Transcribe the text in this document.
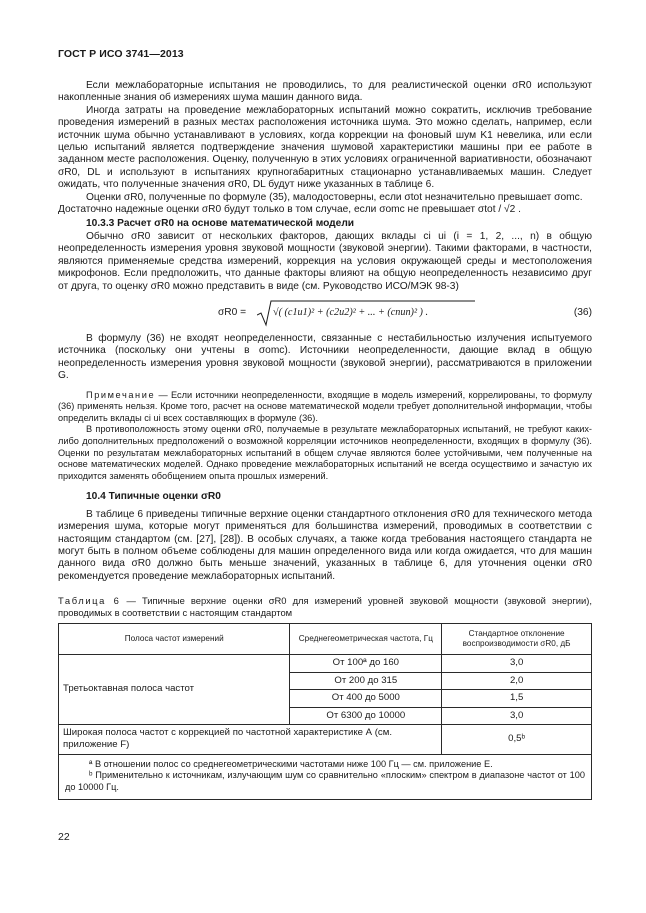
ГОСТ Р ИСО 3741—2013

Если межлабораторные испытания не проводились, то для реалистической оценки σR0 используют накопленные знания об измерениях шума машин данного вида.

Иногда затраты на проведение межлабораторных испытаний можно сократить, исключив требование проведения измерений в разных местах расположения источника шума. Это можно сделать, например, если источник шума обычно устанавливают в условиях, когда коррекции на фоновый шум K1 невелика, или если целью испытаний является подтверждение значения шумовой характеристики машины при ее работе в заданном месте расположения. Оценку, полученную в этих условиях ограниченной вариативности, обозначают σR0, DL и используют в испытаниях крупногабаритных стационарно устанавливаемых машин. Следует ожидать, что полученные значения σR0, DL будут ниже указанных в таблице 6.

Оценки σR0, полученные по формуле (35), малодостоверны, если σtot незначительно превышает σomc.

Достаточно надежные оценки σR0 будут только в том случае, если σomc не превышает σtot / √2 .

10.3.3 Расчет σR0 на основе математической модели

Обычно σR0 зависит от нескольких факторов, дающих вклады ci ui (i = 1, 2, ..., n) в общую неопределенность измерения уровня звуковой мощности (звуковой энергии). Такими факторами, в частности, являются применяемые средства измерений, коррекция на условия окружающей среды и местоположения микрофонов. Если предположить, что данные факторы влияют на общую неопределенность независимо друг от друга, то оценку σR0 можно представить в виде (см. Руководство ИСО/МЭК 98-3)

σR0 =	√( (c1u1)² + (c2u2)² + ... + (cnun)² ) .	(36)

В формулу (36) не входят неопределенности, связанные с нестабильностью излучения испытуемого источника (поскольку они учтены в σomc). Источники неопределенности, дающие вклад в общую неопределенность измерения уровня звуковой мощности (звуковой энергии), рассматриваются в приложении G.

Примечание — Если источники неопределенности, входящие в модель измерений, коррелированы, то формулу (36) применять нельзя. Кроме того, расчет на основе математической модели требует дополнительной информации, чтобы определить вклады ci ui всех составляющих в формуле (36).

В противоположность этому оценки σR0, получаемые в результате межлабораторных испытаний, не требуют каких-либо дополнительных предположений о возможной корреляции источников неопределенности, входящих в формулу (36). Оценки по результатам межлабораторных испытаний в общем случае являются более устойчивыми, чем полученные на основе математических моделей. Однако проведение межлабораторных испытаний не всегда осуществимо и зачастую их приходится заменять обобщением опыта прошлых измерений.

10.4 Типичные оценки σR0

В таблице 6 приведены типичные верхние оценки стандартного отклонения σR0 для технического метода измерения шума, которые могут применяться для большинства измерений, проводимых в соответствии с настоящим стандартом (см. [27], [28]). В особых случаях, а также когда требования настоящего стандарта не могут быть в полном объеме соблюдены для машин определенного вида или когда ожидается, что для машин данного вида σR0 должно быть меньше значений, указанных в таблице 6, для уточнения оценки σR0 рекомендуется проведение межлабораторных испытаний.

Таблица 6 — Типичные верхние оценки σR0 для измерений уровней звуковой мощности (звуковой энергии), проводимых в соответствии с настоящим стандартом

Полоса частот измерений	Среднегеометрическая частота, Гц	Стандартное отклонение воспроизводимости σR0, дБ
Третьоктавная полоса частот	От 100ª до 160	3,0
	От 200 до 315	2,0
	От 400 до 5000	1,5
	От 6300 до 10000	3,0
Широкая полоса частот с коррекцией по частотной характеристике А (см. приложение F)		0,5ᵇ

ª В отношении полос со среднегеометрическими частотами ниже 100 Гц — см. приложение Е.
ᵇ Применительно к источникам, излучающим шум со сравнительно «плоским» спектром в диапазоне частот от 100 до 10000 Гц.		
22
